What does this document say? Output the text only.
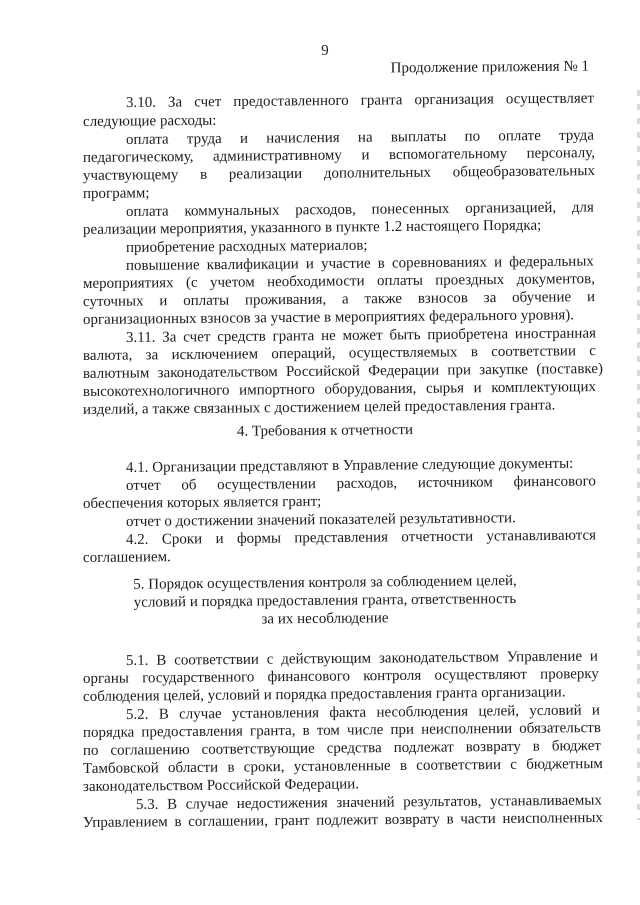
9
Продолжение приложения № 1
3.10. За счет предоставленного гранта организация осуществляет
следующие расходы:
оплата труда и начисления на выплаты по оплате труда
педагогическому, административному и вспомогательному персоналу,
участвующему в реализации дополнительных общеобразовательных
программ;
оплата коммунальных расходов, понесенных организацией, для
реализации мероприятия, указанного в пункте 1.2 настоящего Порядка;
приобретение расходных материалов;
повышение квалификации и участие в соревнованиях и федеральных
мероприятиях (с учетом необходимости оплаты проездных документов,
суточных и оплаты проживания, а также взносов за обучение и
организационных взносов за участие в мероприятиях федерального уровня).
3.11. За счет средств гранта не может быть приобретена иностранная
валюта, за исключением операций, осуществляемых в соответствии с
валютным законодательством Российской Федерации при закупке (поставке)
высокотехнологичного импортного оборудования, сырья и комплектующих
изделий, а также связанных с достижением целей предоставления гранта.
4. Требования к отчетности
4.1. Организации представляют в Управление следующие документы:
отчет об осуществлении расходов, источником финансового
обеспечения которых является грант;
отчет о достижении значений показателей результативности.
4.2. Сроки и формы представления отчетности устанавливаются
соглашением.
5. Порядок осуществления контроля за соблюдением целей,
условий и порядка предоставления гранта, ответственность
за их несоблюдение
5.1. В соответствии с действующим законодательством Управление и
органы государственного финансового контроля осуществляют проверку
соблюдения целей, условий и порядка предоставления гранта организации.
5.2. В случае установления факта несоблюдения целей, условий и
порядка предоставления гранта, в том числе при неисполнении обязательств
по соглашению соответствующие средства подлежат возврату в бюджет
Тамбовской области в сроки, установленные в соответствии с бюджетным
законодательством Российской Федерации.
5.3. В случае недостижения значений результатов, устанавливаемых
Управлением в соглашении, грант подлежит возврату в части неисполненных
